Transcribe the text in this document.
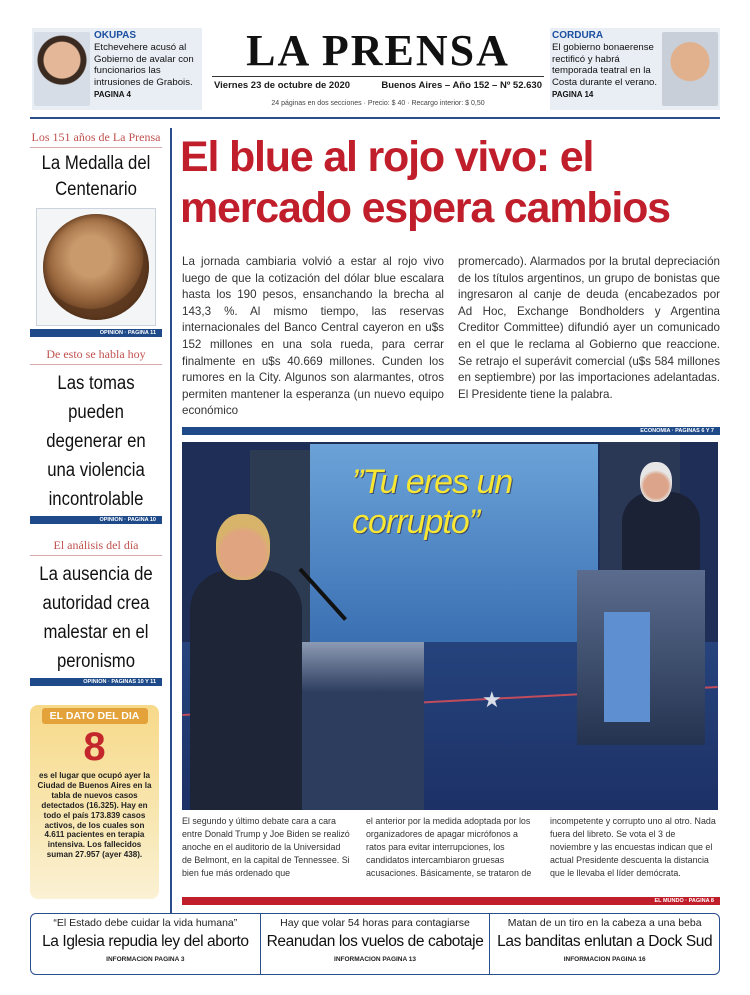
OKUPAS
Etchevehere acusó al Gobierno de avalar con funcionarios las intrusiones de Grabois.
PAGINA 4
LA PRENSA
Viernes 23 de octubre de 2020	Buenos Aires – Año 152 – Nº 52.630
24 páginas en dos secciones · Precio: $ 40 · Recargo interior: $ 0,50
CORDURA
El gobierno bonaerense rectificó y habrá temporada teatral en la Costa durante el verano.
PAGINA 14
Los 151 años de La Prensa
La Medalla del Centenario
OPINION · PAGINA 11
De esto se habla hoy
Las tomas pueden degenerar en una violencia incontrolable
OPINION · PAGINA 10
El análisis del día
La ausencia de autoridad crea malestar en el peronismo
OPINION · PAGINAS 10 Y 11
EL DATO DEL DIA
8
es el lugar que ocupó ayer la Ciudad de Buenos Aires en la tabla de nuevos casos detectados (16.325). Hay en todo el país 173.839 casos activos, de los cuales son 4.611 pacientes en terapia intensiva. Los fallecidos suman 27.957 (ayer 438).
El blue al rojo vivo: el mercado espera cambios

La jornada cambiaria volvió a estar al rojo vivo luego de que la cotización del dólar blue escalara hasta los 190 pesos, ensanchando la brecha al 143,3 %. Al mismo tiempo, las reservas internacionales del Banco Central cayeron en u$s 152 millones en una sola rueda, para cerrar finalmente en u$s 40.669 millones. Cunden los rumores en la City. Algunos son alarmantes, otros permiten mantener la esperanza (un nuevo equipo económico

promercado). Alarmados por la brutal depreciación de los títulos argentinos, un grupo de bonistas que ingresaron al canje de deuda (encabezados por Ad Hoc, Exchange Bondholders y Argentina Creditor Committee) difundió ayer un comunicado en el que le reclama al Gobierno que reaccione. Se retrajo el superávit comercial (u$s 584 millones en septiembre) por las importaciones adelantadas. El Presidente tiene la palabra.

ECONOMIA · PAGINAS 6 Y 7
★
”Tu eres un corrupto”

El segundo y último debate cara a cara entre Donald Trump y Joe Biden se realizó anoche en el auditorio de la Universidad de Belmont, en la capital de Tennessee. Si bien fue más ordenado que

el anterior por la medida adoptada por los organizadores de apagar micrófonos a ratos para evitar interrupciones, los candidatos intercambiaron gruesas acusaciones. Básicamente, se trataron de

incompetente y corrupto uno al otro. Nada fuera del libreto. Se vota el 3 de noviembre y las encuestas indican que el actual Presidente descuenta la distancia que le llevaba el líder demócrata.

EL MUNDO · PAGINA 8
“El Estado debe cuidar la vida humana”
La Iglesia repudia ley del aborto
INFORMACION PAGINA 3
Hay que volar 54 horas para contagiarse
Reanudan los vuelos de cabotaje
INFORMACION PAGINA 13
Matan de un tiro en la cabeza a una beba
Las banditas enlutan a Dock Sud
INFORMACION PAGINA 16
